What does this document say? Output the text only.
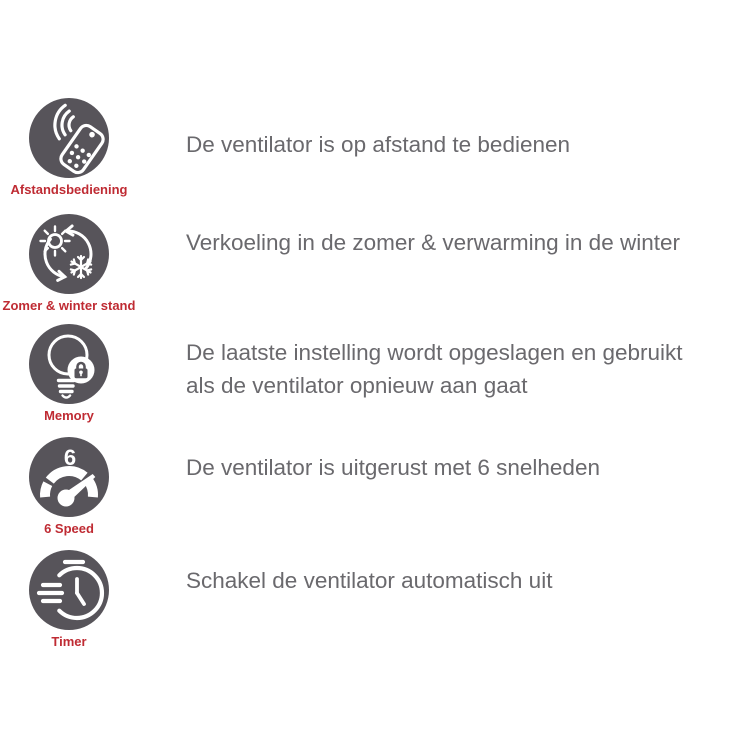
Afstandsbediening
De ventilator is op afstand te bedienen
Zomer & winter stand
Verkoeling in de zomer & verwarming in de winter
Memory
De laatste instelling wordt opgeslagen en gebruikt als de ventilator opnieuw aan gaat
6
6 Speed
De ventilator is uitgerust met 6 snelheden
Timer
Schakel de ventilator automatisch uit
